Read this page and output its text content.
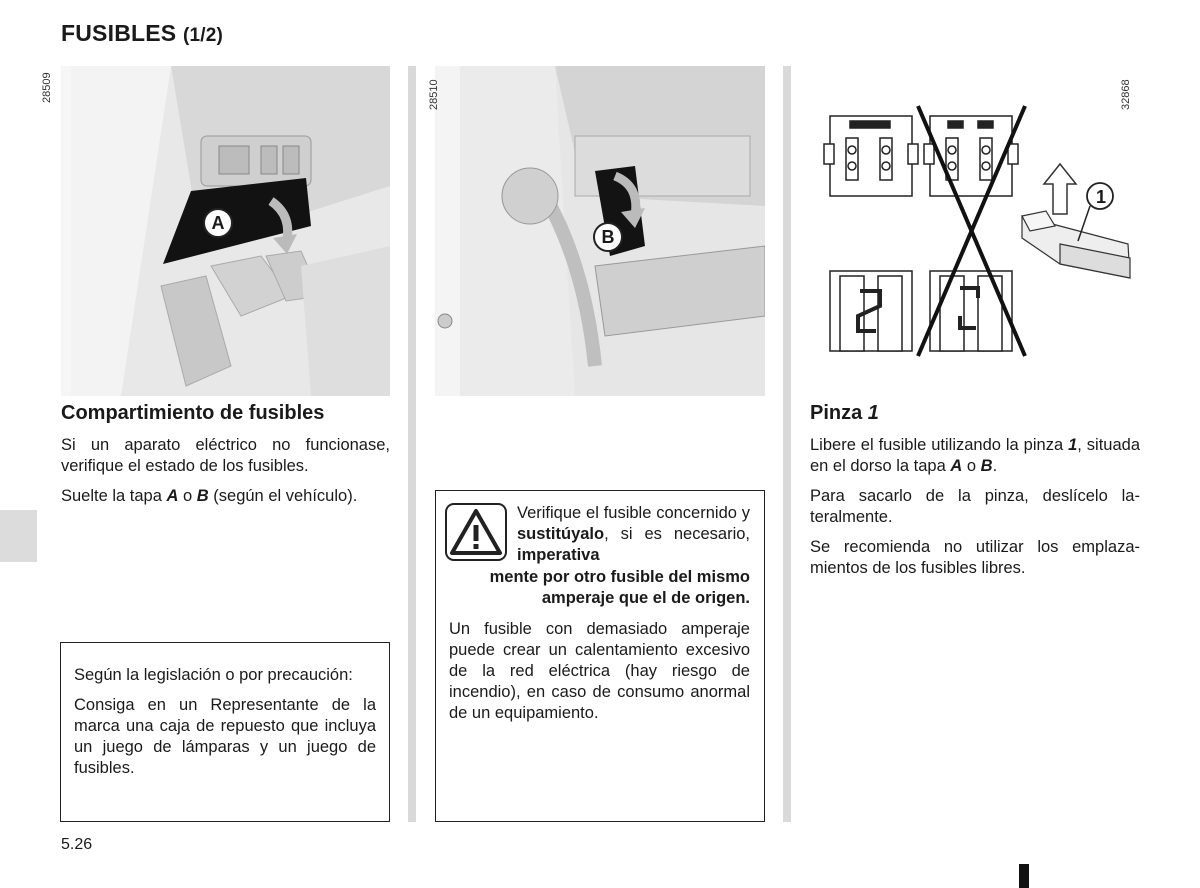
FUSIBLES (1/2)
28509
A
28510
B
1
32868
Compartimiento de fusibles
Si un aparato eléctrico no funcionase, verifique el estado de los fusibles.
Suelte la tapa A o B (según el vehículo).
Según la legislación o por precaución:
Consiga en un Representante de la marca una caja de repuesto que incluya un juego de lámparas y un juego de fusibles.
Verifique el fusible concernido y sustitúyalo, si es necesario, imperativa
mente por otro fusible del mismo amperaje que el de origen.
Un fusible con demasiado amperaje puede crear un calentamiento excesivo de la red eléctrica (hay riesgo de incendio), en caso de consumo anormal de un equipamiento.
Pinza 1
Libere el fusible utilizando la pinza 1, situada en el dorso la tapa A o B.
Para sacarlo de la pinza, deslícelo lateralmente.
Se recomienda no utilizar los emplazamientos de los fusibles libres.
5.26
